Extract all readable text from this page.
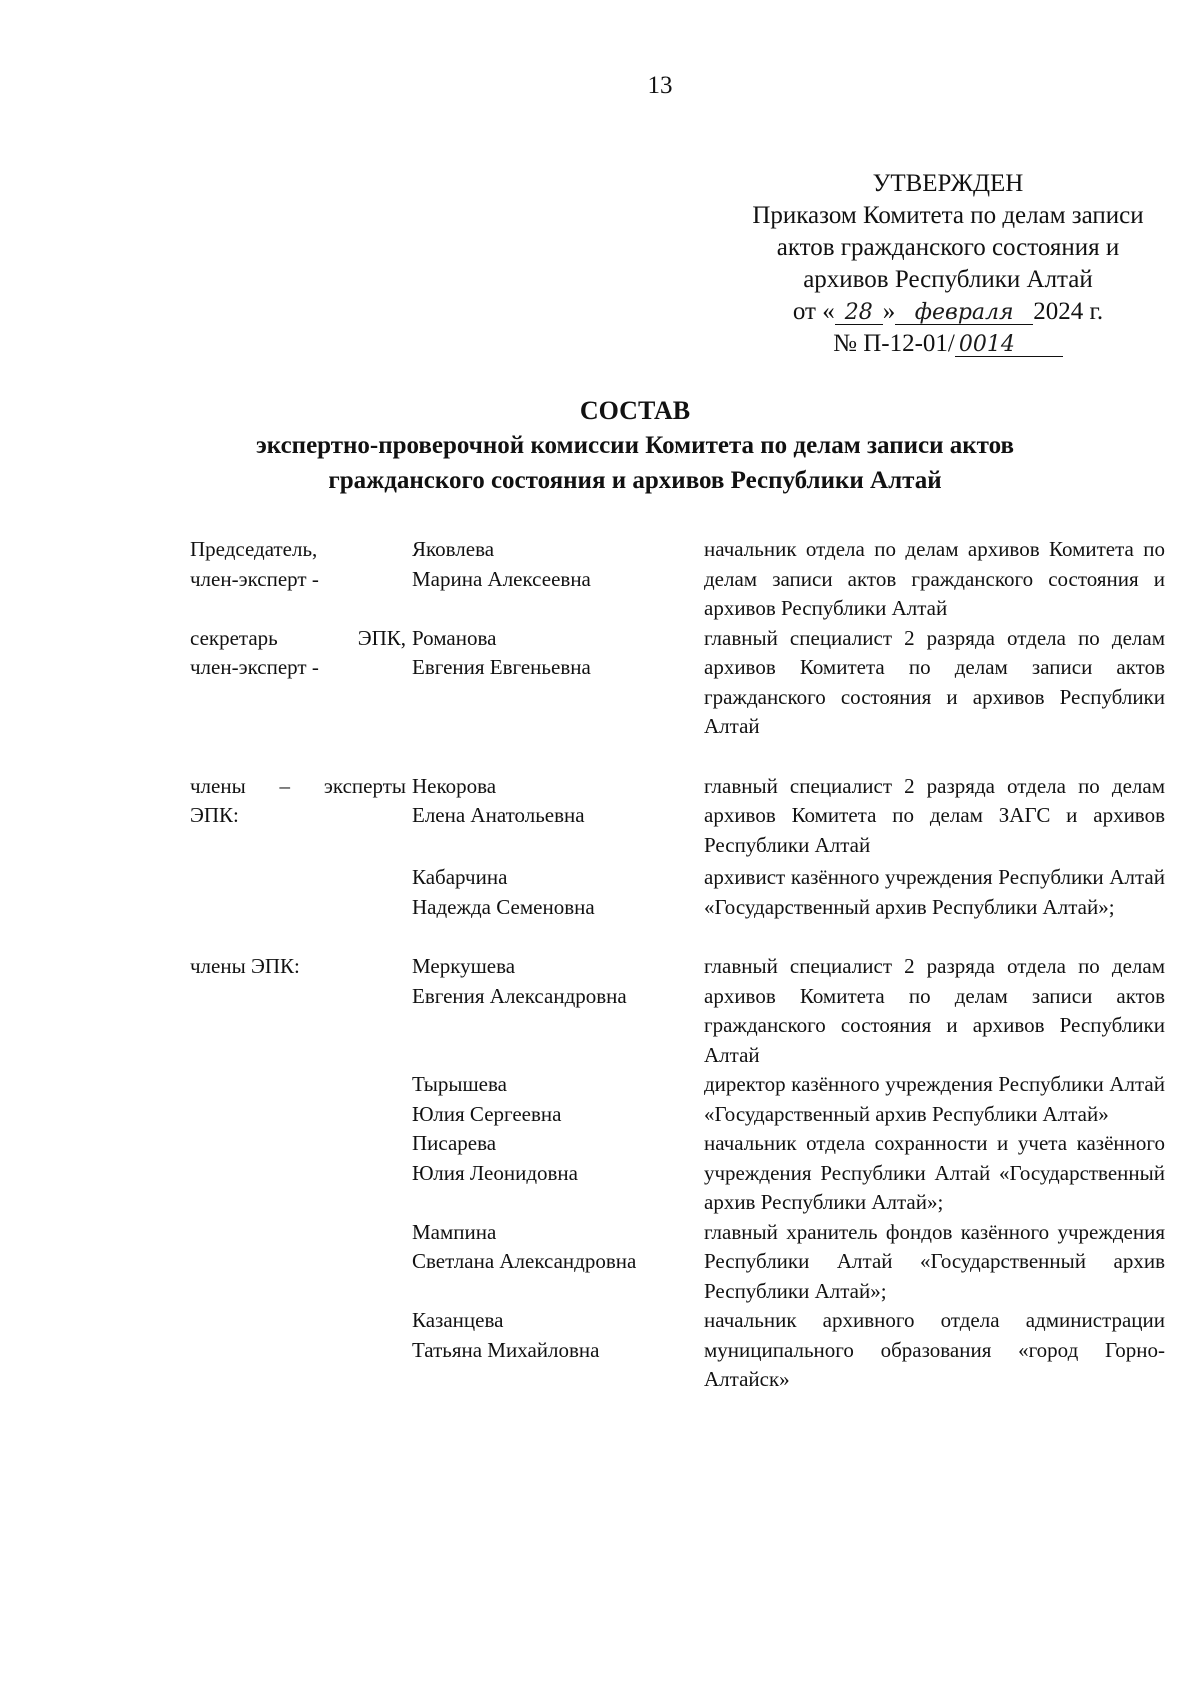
13
УТВЕРЖДЕН
Приказом Комитета по делам записи
актов гражданского состояния и
архивов Республики Алтай
от « 28 » февраля 2024 г.
№ П-12-01/ 0014
СОСТАВ
экспертно-проверочной комиссии Комитета по делам записи актов
гражданского состояния и архивов Республики Алтай
Председатель,
член-эксперт -
Яковлева
Марина Алексеевна
начальник отдела по делам архивов Комитета по делам записи актов гражданского состояния и архивов Республики Алтай
секретарь ЭПК,
член-эксперт -
Романова
Евгения Евгеньевна
главный специалист 2 разряда отдела по делам архивов Комитета по делам записи актов гражданского состояния и архивов Республики Алтай
члены – эксперты
ЭПК:
Некорова
Елена Анатольевна
главный специалист 2 разряда отдела по делам архивов Комитета по делам ЗАГС и архивов Республики Алтай
Кабарчина
Надежда Семеновна
архивист казённого учреждения Республики Алтай «Государственный архив Республики Алтай»;
члены ЭПК:	Меркушева
Евгения Александровна
главный специалист 2 разряда отдела по делам архивов Комитета по делам записи актов гражданского состояния и архивов Республики Алтай
Тырышева
Юлия Сергеевна
директор казённого учреждения Республики Алтай «Государственный архив Республики Алтай»
Писарева
Юлия Леонидовна
начальник отдела сохранности и учета казённого учреждения Республики Алтай «Государственный архив Республики Алтай»;
Мампина
Светлана Александровна
главный хранитель фондов казённого учреждения Республики Алтай «Государственный архив Республики Алтай»;
Казанцева
Татьяна Михайловна
начальник архивного отдела администрации муниципального образования «город Горно-Алтайск»
